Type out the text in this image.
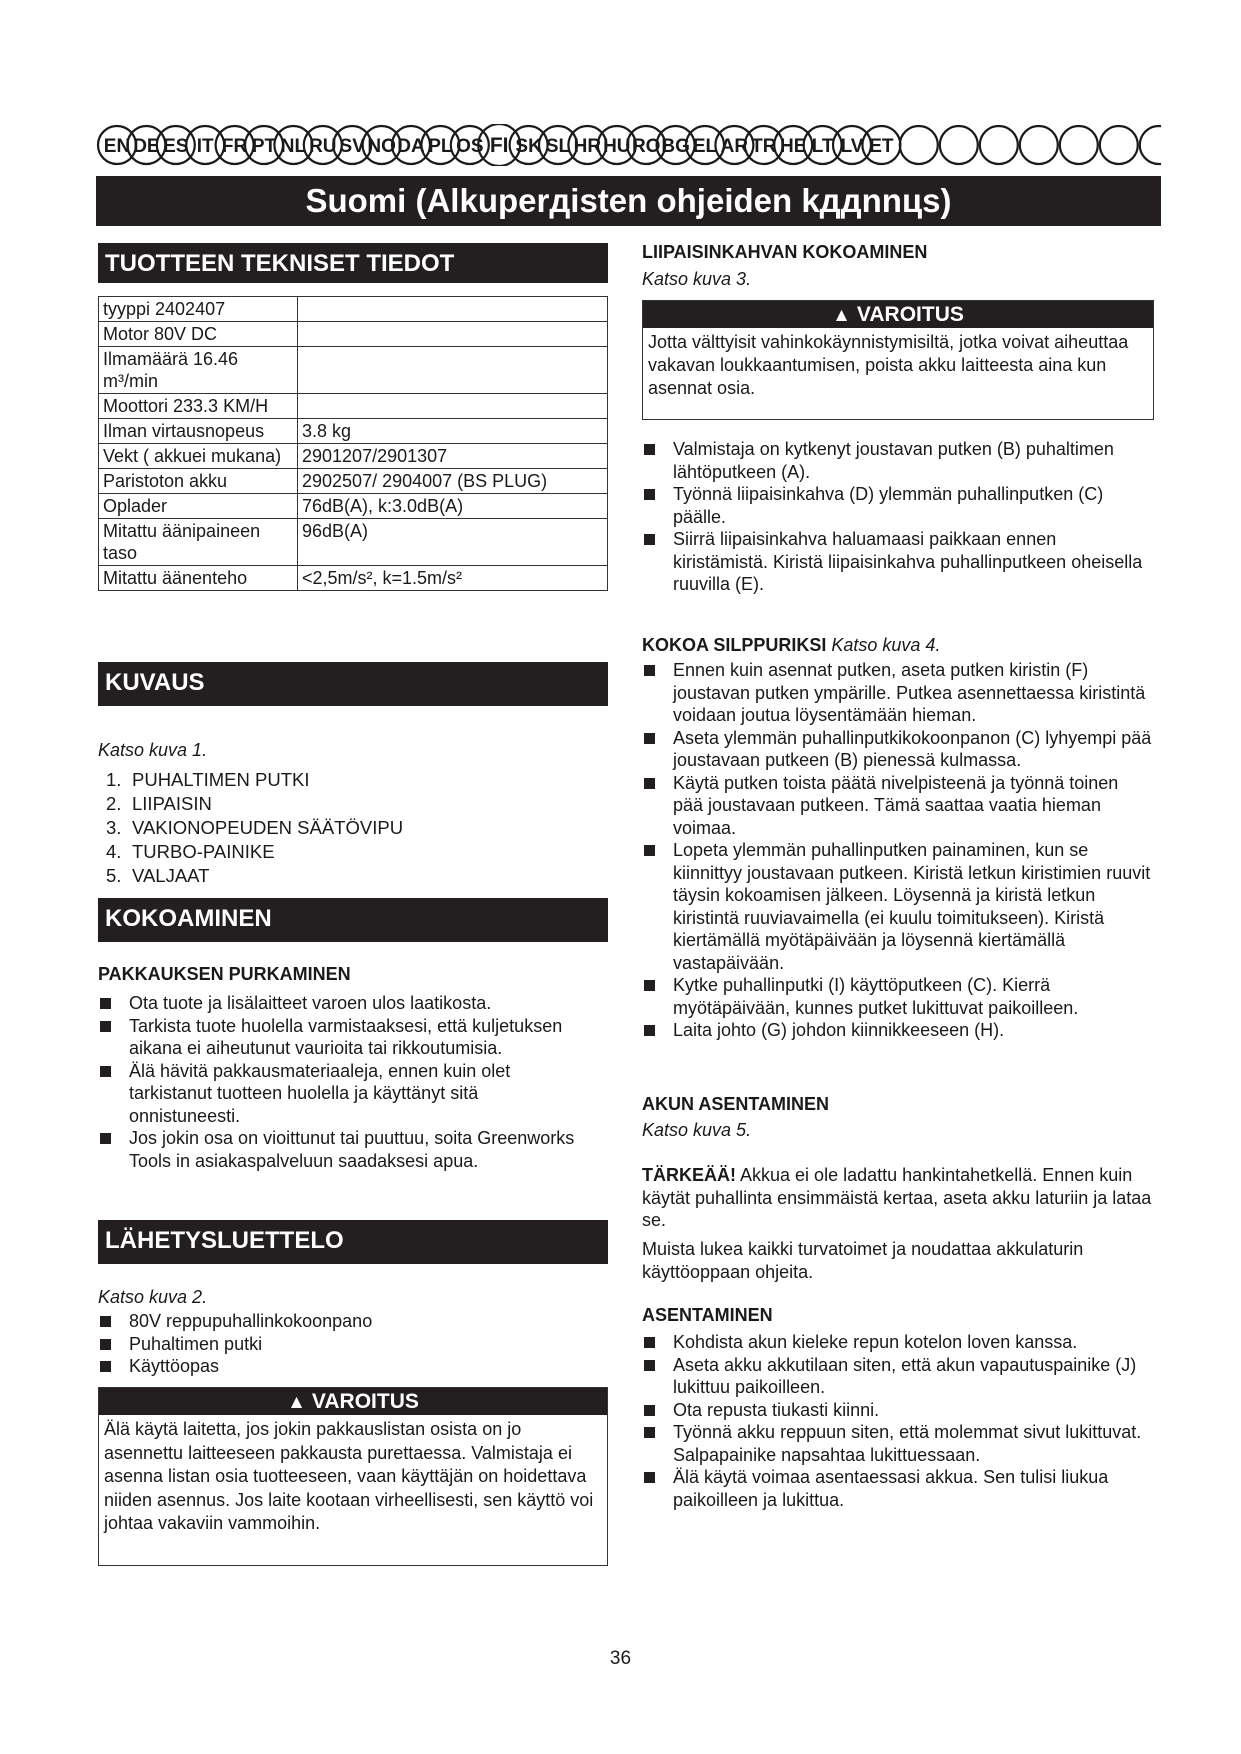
EN DE ES IT FR PT NL RU SV NO DA PL OS FI SK SL HR HU RO BG EL AR TR HE LT LV ET
Suomi (Alkuperдisten ohjeiden kддnnцs)
TUOTTEEN TEKNISET TIEDOT
tyyppi 2402407	
Motor 80V DC	
Ilmamäärä 16.46 m³/min	
Moottori 233.3 KM/H	
Ilman virtausnopeus	3.8 kg
Vekt ( akkuei mukana)	2901207/2901307
Paristoton akku	2902507/ 2904007 (BS PLUG)
Oplader	76dB(A), k:3.0dB(A)
Mitattu äänipaineen taso	96dB(A)
Mitattu äänenteho	<2,5m/s², k=1.5m/s²
KUVAUS
Katso kuva 1.
1. PUHALTIMEN PUTKI
2. LIIPAISIN
3. VAKIONOPEUDEN SÄÄTÖVIPU
4. TURBO-PAINIKE
5. VALJAAT
KOKOAMINEN
PAKKAUKSEN PURKAMINEN
Ota tuote ja lisälaitteet varoen ulos laatikosta.
Tarkista tuote huolella varmistaaksesi, että kuljetuksen aikana ei aiheutunut vaurioita tai rikkoutumisia.
Älä hävitä pakkausmateriaaleja, ennen kuin olet tarkistanut tuotteen huolella ja käyttänyt sitä onnistuneesti.
Jos jokin osa on vioittunut tai puuttuu, soita Greenworks Tools in asiakaspalveluun saadaksesi apua.
LÄHETYSLUETTELO
Katso kuva 2.
80V reppupuhallinkokoonpano
Puhaltimen putki
Käyttöopas
▲ VAROITUS
Älä käytä laitetta, jos jokin pakkauslistan osista on jo asennettu laitteeseen pakkausta purettaessa. Valmistaja ei asenna listan osia tuotteeseen, vaan käyttäjän on hoidettava niiden asennus. Jos laite kootaan virheellisesti, sen käyttö voi johtaa vakaviin vammoihin.
LIIPAISINKAHVAN KOKOAMINEN
Katso kuva 3.
▲ VAROITUS
Jotta välttyisit vahinkokäynnistymisiltä, jotka voivat aiheuttaa vakavan loukkaantumisen, poista akku laitteesta aina kun asennat osia.
Valmistaja on kytkenyt joustavan putken (B) puhaltimen lähtöputkeen (A).
Työnnä liipaisinkahva (D) ylemmän puhallinputken (C) päälle.
Siirrä liipaisinkahva haluamaasi paikkaan ennen kiristämistä. Kiristä liipaisinkahva puhallinputkeen oheisella ruuvilla (E).
KOKOA SILPPURIKSI Katso kuva 4.
Ennen kuin asennat putken, aseta putken kiristin (F) joustavan putken ympärille. Putkea asennettaessa kiristintä voidaan joutua löysentämään hieman.
Aseta ylemmän puhallinputkikokoonpanon (C) lyhyempi pää joustavaan putkeen (B) pienessä kulmassa.
Käytä putken toista päätä nivelpisteenä ja työnnä toinen pää joustavaan putkeen. Tämä saattaa vaatia hieman voimaa.
Lopeta ylemmän puhallinputken painaminen, kun se kiinnittyy joustavaan putkeen. Kiristä letkun kiristimien ruuvit täysin kokoamisen jälkeen. Löysennä ja kiristä letkun kiristintä ruuviavaimella (ei kuulu toimitukseen). Kiristä kiertämällä myötäpäivään ja löysennä kiertämällä vastapäivään.
Kytke puhallinputki (I) käyttöputkeen (C). Kierrä myötäpäivään, kunnes putket lukittuvat paikoilleen.
Laita johto (G) johdon kiinnikkeeseen (H).
AKUN ASENTAMINEN
Katso kuva 5.
TÄRKEÄÄ! Akkua ei ole ladattu hankintahetkellä. Ennen kuin käytät puhallinta ensimmäistä kertaa, aseta akku laturiin ja lataa se.
Muista lukea kaikki turvatoimet ja noudattaa akkulaturin käyttöoppaan ohjeita.
ASENTAMINEN
Kohdista akun kieleke repun kotelon loven kanssa.
Aseta akku akkutilaan siten, että akun vapautuspainike (J) lukittuu paikoilleen.
Ota repusta tiukasti kiinni.
Työnnä akku reppuun siten, että molemmat sivut lukittuvat. Salpapainike napsahtaa lukittuessaan.
Älä käytä voimaa asentaessasi akkua. Sen tulisi liukua paikoilleen ja lukittua.
36
